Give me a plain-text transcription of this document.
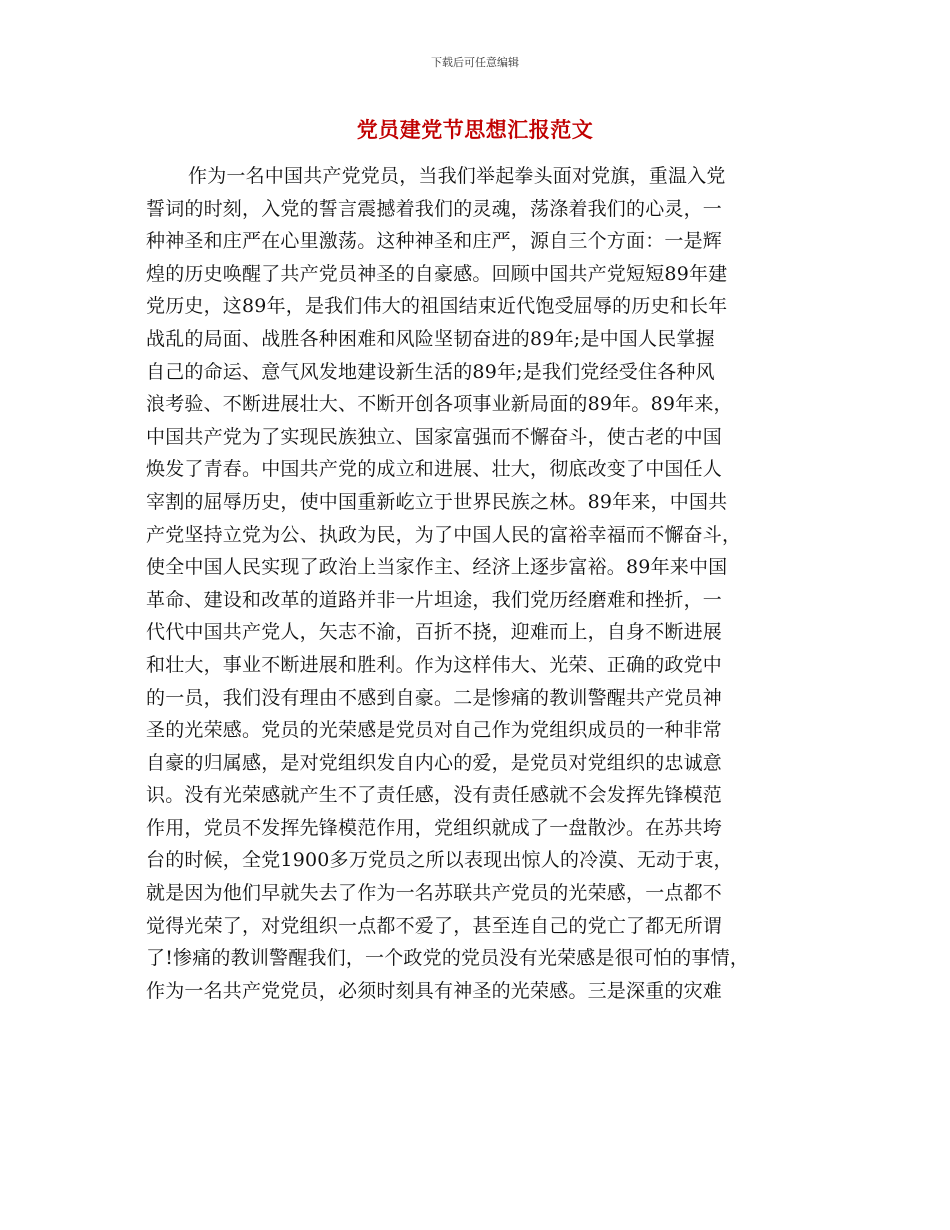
下载后可任意编辑
党员建党节思想汇报范文
作为一名中国共产党党员，当我们举起拳头面对党旗，重温入党
誓词的时刻，入党的誓言震撼着我们的灵魂，荡涤着我们的心灵，一
种神圣和庄严在心里激荡。这种神圣和庄严，源自三个方面：一是辉
煌的历史唤醒了共产党员神圣的自豪感。回顾中国共产党短短89年建
党历史，这89年，是我们伟大的祖国结束近代饱受屈辱的历史和长年
战乱的局面、战胜各种困难和风险坚韧奋进的89年;是中国人民掌握
自己的命运、意气风发地建设新生活的89年;是我们党经受住各种风
浪考验、不断进展壮大、不断开创各项事业新局面的89年。89年来，
中国共产党为了实现民族独立、国家富强而不懈奋斗，使古老的中国
焕发了青春。中国共产党的成立和进展、壮大，彻底改变了中国任人
宰割的屈辱历史，使中国重新屹立于世界民族之林。89年来，中国共
产党坚持立党为公、执政为民，为了中国人民的富裕幸福而不懈奋斗，
使全中国人民实现了政治上当家作主、经济上逐步富裕。89年来中国
革命、建设和改革的道路并非一片坦途，我们党历经磨难和挫折，一
代代中国共产党人，矢志不渝，百折不挠，迎难而上，自身不断进展
和壮大，事业不断进展和胜利。作为这样伟大、光荣、正确的政党中
的一员，我们没有理由不感到自豪。二是惨痛的教训警醒共产党员神
圣的光荣感。党员的光荣感是党员对自己作为党组织成员的一种非常
自豪的归属感，是对党组织发自内心的爱，是党员对党组织的忠诚意
识。没有光荣感就产生不了责任感，没有责任感就不会发挥先锋模范
作用，党员不发挥先锋模范作用，党组织就成了一盘散沙。在苏共垮
台的时候，全党1900多万党员之所以表现出惊人的冷漠、无动于衷，
就是因为他们早就失去了作为一名苏联共产党员的光荣感，一点都不
觉得光荣了，对党组织一点都不爱了，甚至连自己的党亡了都无所谓
了!惨痛的教训警醒我们，一个政党的党员没有光荣感是很可怕的事情，
作为一名共产党党员，必须时刻具有神圣的光荣感。三是深重的灾难
